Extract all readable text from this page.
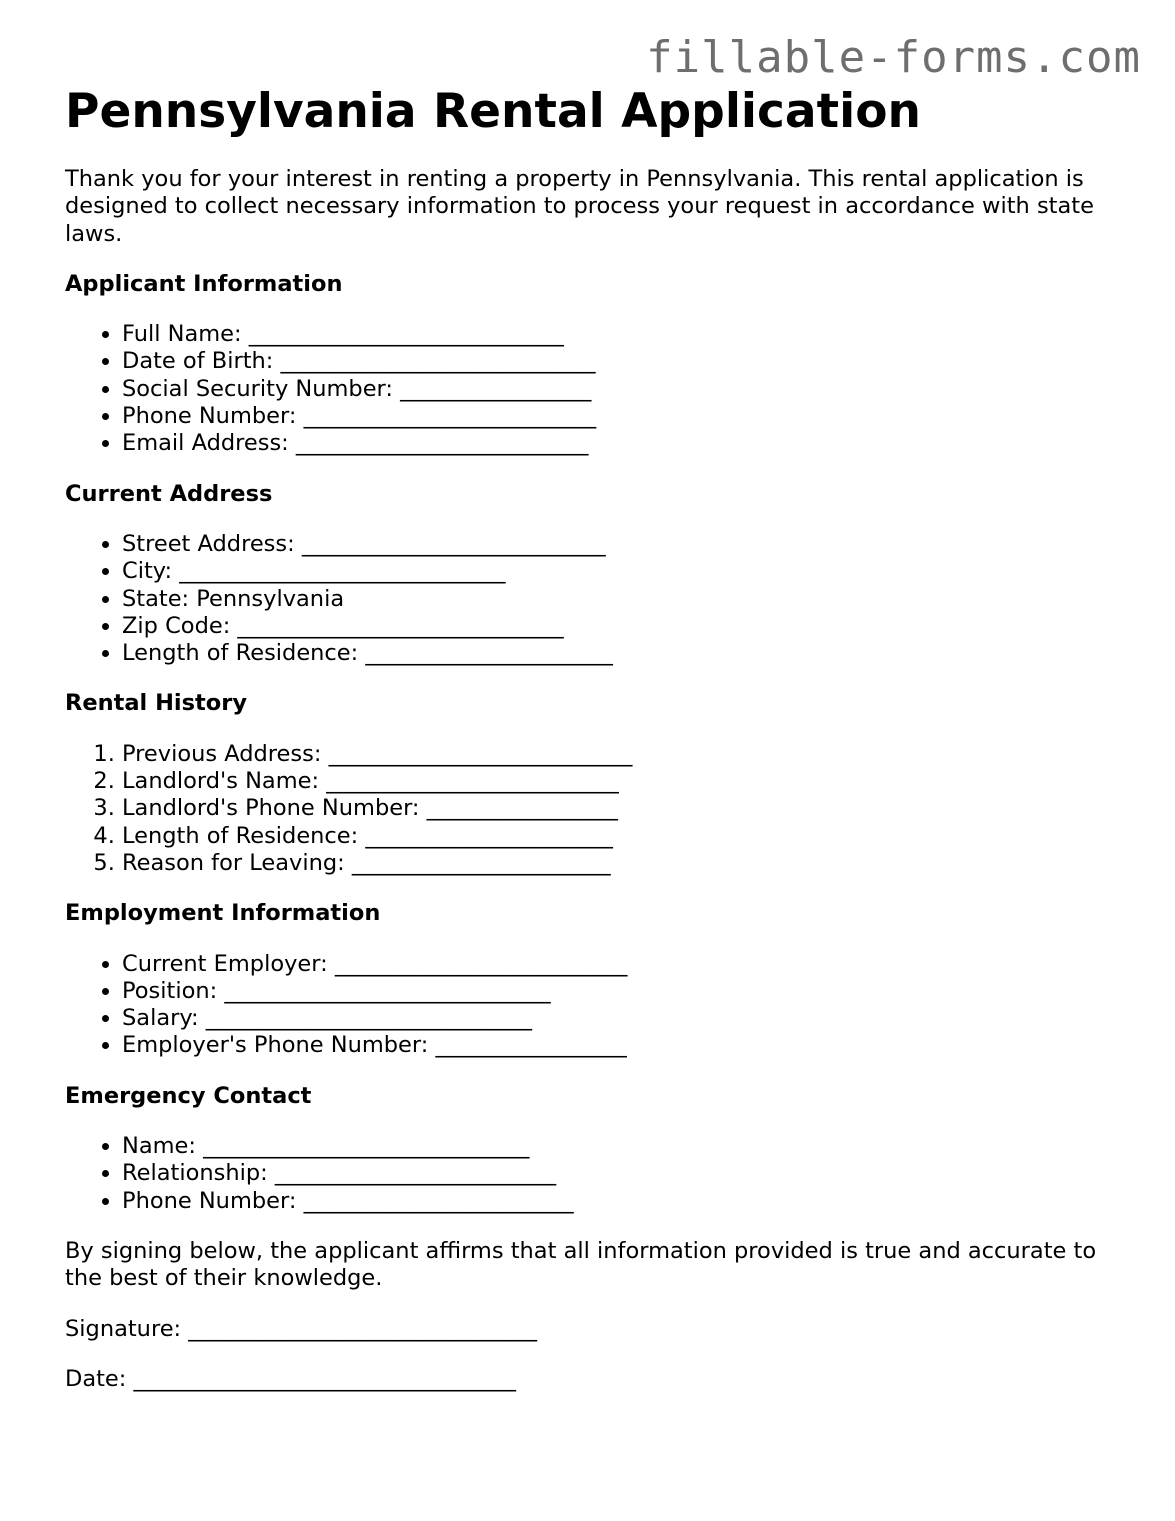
fillable-forms.com
Pennsylvania Rental Application

Thank you for your interest in renting a property in Pennsylvania. This rental application is designed to collect necessary information to process your request in accordance with state laws.

Applicant Information
• Full Name: ____________________________
• Date of Birth: ____________________________
• Social Security Number: _________________
• Phone Number: __________________________
• Email Address: __________________________
Current Address
• Street Address: ___________________________
• City: _____________________________
• State: Pennsylvania
• Zip Code: _____________________________
• Length of Residence: ______________________
Rental History
1. Previous Address: ___________________________
2. Landlord's Name: __________________________
3. Landlord's Phone Number: _________________
4. Length of Residence: ______________________
5. Reason for Leaving: _______________________
Employment Information
• Current Employer: __________________________
• Position: _____________________________
• Salary: _____________________________
• Employer's Phone Number: _________________
Emergency Contact
• Name: _____________________________
• Relationship: _________________________
• Phone Number: ________________________

By signing below, the applicant affirms that all information provided is true and accurate to the best of their knowledge.

Signature: _______________________________

Date: __________________________________
